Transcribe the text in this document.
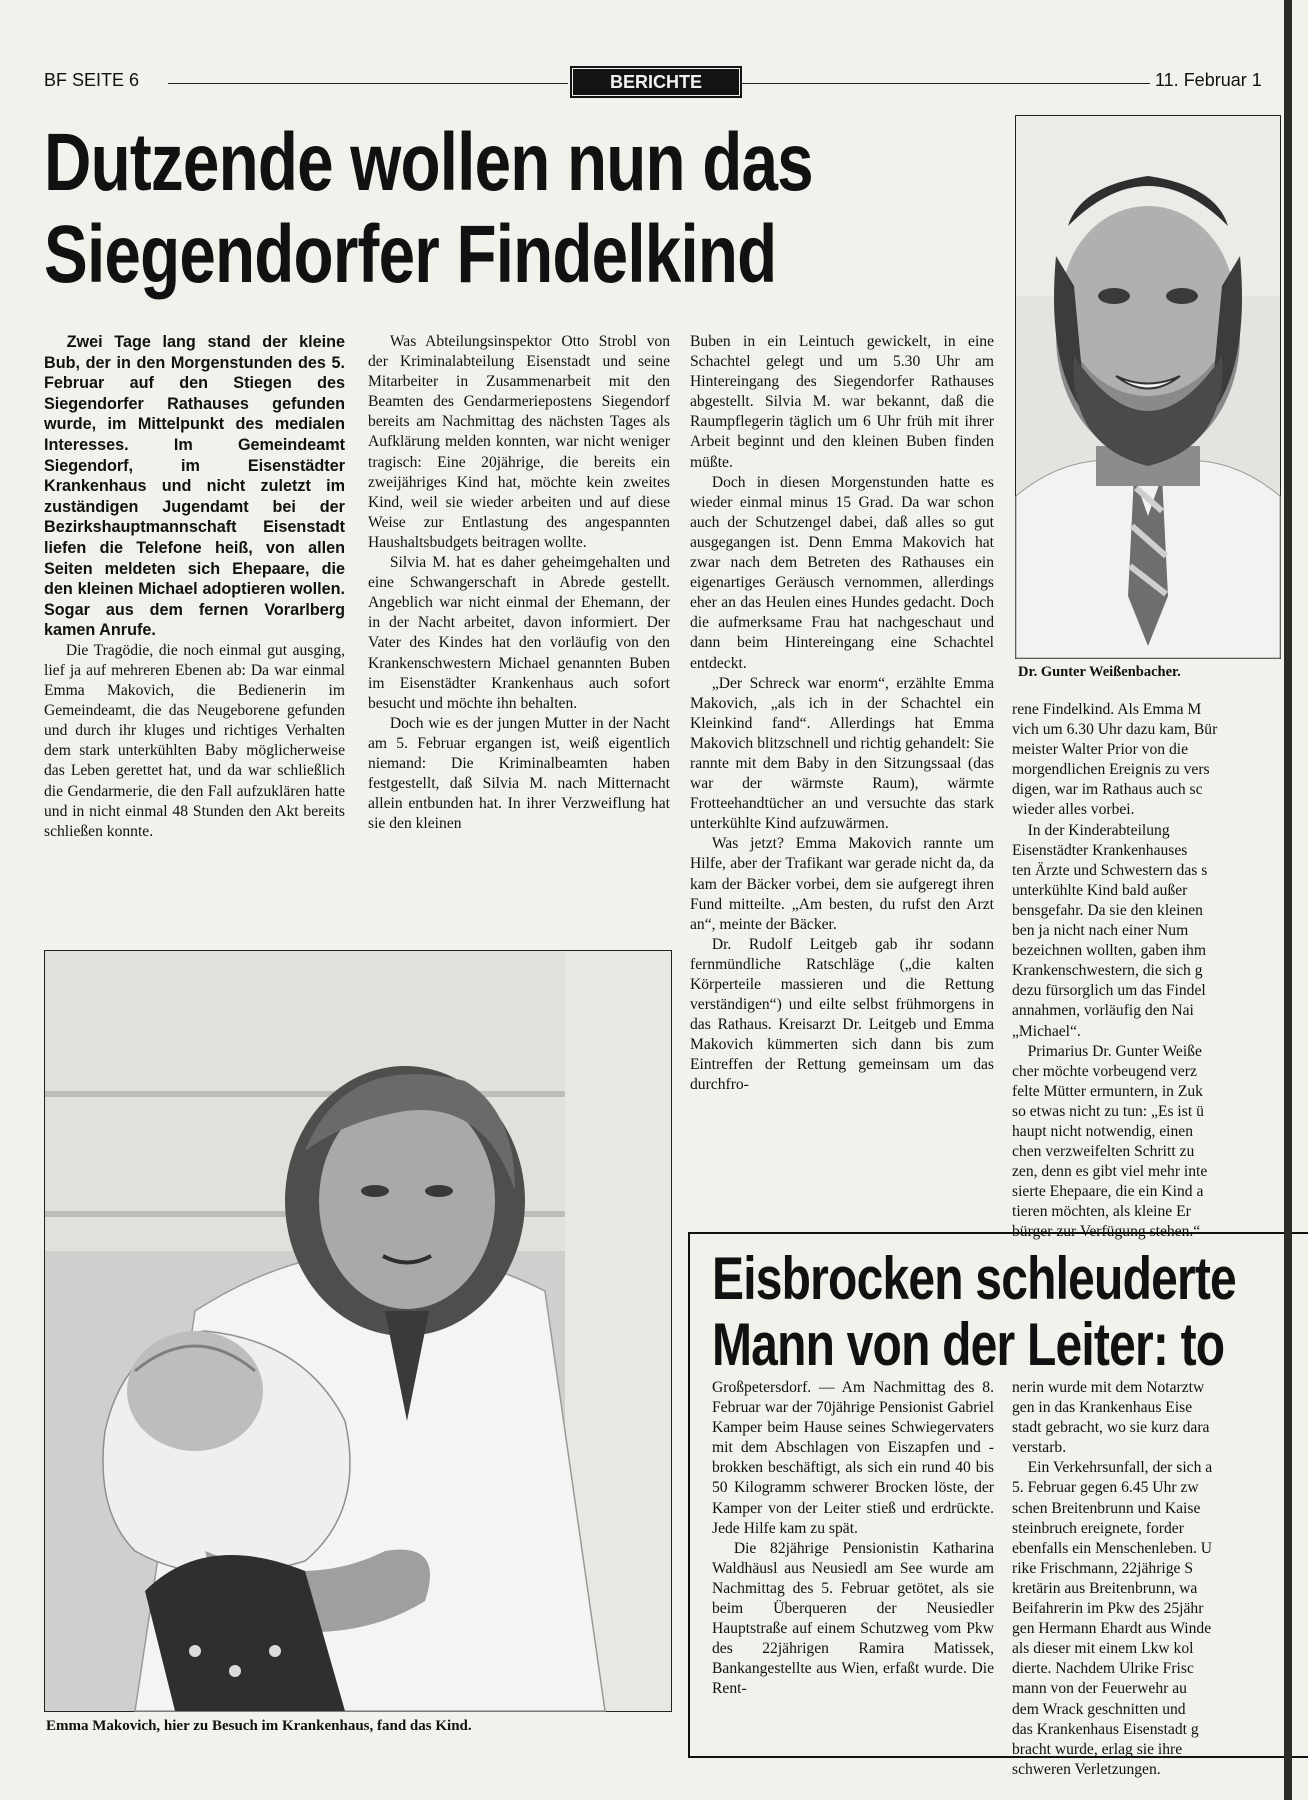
BF SEITE 6	BERICHTE	11. Februar 1
Dutzende wollen nun das
Siegendorfer Findelkind
Dr. Gunter Weißenbacher.

Zwei Tage lang stand der kleine Bub, der in den Morgenstunden des 5. Februar auf den Stiegen des Siegendorfer Rathauses gefunden wurde, im Mittelpunkt des medialen Interesses. Im Gemeindeamt Siegendorf, im Eisenstädter Krankenhaus und nicht zuletzt im zuständigen Jugendamt bei der Bezirkshauptmannschaft Eisenstadt liefen die Telefone heiß, von allen Seiten meldeten sich Ehepaare, die den kleinen Michael adoptieren wollen. Sogar aus dem fernen Vorarlberg kamen Anrufe.

Die Tragödie, die noch einmal gut ausging, lief ja auf mehreren Ebenen ab: Da war einmal Emma Makovich, die Bedienerin im Gemeindeamt, die das Neugeborene gefunden und durch ihr kluges und richtiges Verhalten dem stark unterkühlten Baby möglicherweise das Leben gerettet hat, und da war schließlich die Gendarmerie, die den Fall aufzuklären hatte und in nicht einmal 48 Stunden den Akt bereits schließen konnte.

Was Abteilungsinspektor Otto Strobl von der Kriminalabteilung Eisenstadt und seine Mitarbeiter in Zusammenarbeit mit den Beamten des Gendarmeriepostens Siegendorf bereits am Nachmittag des nächsten Tages als Aufklärung melden konnten, war nicht weniger tragisch: Eine 20jährige, die bereits ein zweijähriges Kind hat, möchte kein zweites Kind, weil sie wieder arbeiten und auf diese Weise zur Entlastung des angespannten Haushaltsbudgets beitragen wollte.

Silvia M. hat es daher geheimgehalten und eine Schwangerschaft in Abrede gestellt. Angeblich war nicht einmal der Ehemann, der in der Nacht arbeitet, davon informiert. Der Vater des Kindes hat den vorläufig von den Krankenschwestern Michael genannten Buben im Eisenstädter Krankenhaus auch sofort besucht und möchte ihn behalten.

Doch wie es der jungen Mutter in der Nacht am 5. Februar ergangen ist, weiß eigentlich niemand: Die Kriminalbeamten haben festgestellt, daß Silvia M. nach Mitternacht allein entbunden hat. In ihrer Verzweiflung hat sie den kleinen

Buben in ein Leintuch gewickelt, in eine Schachtel gelegt und um 5.30 Uhr am Hintereingang des Siegendorfer Rathauses abgestellt. Silvia M. war bekannt, daß die Raumpflegerin täglich um 6 Uhr früh mit ihrer Arbeit beginnt und den kleinen Buben finden müßte.

Doch in diesen Morgenstunden hatte es wieder einmal minus 15 Grad. Da war schon auch der Schutzengel dabei, daß alles so gut ausgegangen ist. Denn Emma Makovich hat zwar nach dem Betreten des Rathauses ein eigenartiges Geräusch vernommen, allerdings eher an das Heulen eines Hundes gedacht. Doch die aufmerksame Frau hat nachgeschaut und dann beim Hintereingang eine Schachtel entdeckt.

„Der Schreck war enorm“, erzählte Emma Makovich, „als ich in der Schachtel ein Kleinkind fand“. Allerdings hat Emma Makovich blitzschnell und richtig gehandelt: Sie rannte mit dem Baby in den Sitzungssaal (das war der wärmste Raum), wärmte Frotteehandtücher an und versuchte das stark unterkühlte Kind aufzuwärmen.

Was jetzt? Emma Makovich rannte um Hilfe, aber der Trafikant war gerade nicht da, da kam der Bäcker vorbei, dem sie aufgeregt ihren Fund mitteilte. „Am besten, du rufst den Arzt an“, meinte der Bäcker.

Dr. Rudolf Leitgeb gab ihr sodann fernmündliche Ratschläge („die kalten Körperteile massieren und die Rettung verständigen“) und eilte selbst frühmorgens in das Rathaus. Kreisarzt Dr. Leitgeb und Emma Makovich kümmerten sich dann bis zum Eintreffen der Rettung gemeinsam um das durchfro-

rene Findelkind. Als Emma M
vich um 6.30 Uhr dazu kam, Bür
meister Walter Prior von die
morgendlichen Ereignis zu vers
digen, war im Rathaus auch sc
wieder alles vorbei.
In der Kinderabteilung
Eisenstädter Krankenhauses
ten Ärzte und Schwestern das s
unterkühlte Kind bald außer
bensgefahr. Da sie den kleinen
ben ja nicht nach einer Num
bezeichnen wollten, gaben ihm
Krankenschwestern, die sich g
dezu fürsorglich um das Findel
annahmen, vorläufig den Nai
„Michael“.
Primarius Dr. Gunter Weiße
cher möchte vorbeugend verz
felte Mütter ermuntern, in Zuk
so etwas nicht zu tun: „Es ist ü
haupt nicht notwendig, einen
chen verzweifelten Schritt zu
zen, denn es gibt viel mehr inte
sierte Ehepaare, die ein Kind a
tieren möchten, als kleine Er
bürger zur Verfügung stehen.“
Emma Makovich, hier zu Besuch im Krankenhaus, fand das Kind.
Eisbrocken schleuderte
Mann von der Leiter: to

Großpetersdorf. — Am Nachmittag des 8. Februar war der 70jährige Pensionist Gabriel Kamper beim Hause seines Schwiegervaters mit dem Abschlagen von Eiszapfen und -brokken beschäftigt, als sich ein rund 40 bis 50 Kilogramm schwerer Brocken löste, der Kamper von der Leiter stieß und erdrückte. Jede Hilfe kam zu spät.

Die 82jährige Pensionistin Katharina Waldhäusl aus Neusiedl am See wurde am Nachmittag des 5. Februar getötet, als sie beim Überqueren der Neusiedler Hauptstraße auf einem Schutzweg vom Pkw des 22jährigen Ramira Matissek, Bankangestellte aus Wien, erfaßt wurde. Die Rent-

nerin wurde mit dem Notarztw
gen in das Krankenhaus Eise
stadt gebracht, wo sie kurz dara
verstarb.
Ein Verkehrsunfall, der sich a
5. Februar gegen 6.45 Uhr zw
schen Breitenbrunn und Kaise
steinbruch ereignete, forder
ebenfalls ein Menschenleben. U
rike Frischmann, 22jährige S
kretärin aus Breitenbrunn, wa
Beifahrerin im Pkw des 25jähr
gen Hermann Ehardt aus Winde
als dieser mit einem Lkw kol
dierte. Nachdem Ulrike Frisc
mann von der Feuerwehr au
dem Wrack geschnitten und
das Krankenhaus Eisenstadt g
bracht wurde, erlag sie ihre
schweren Verletzungen.
